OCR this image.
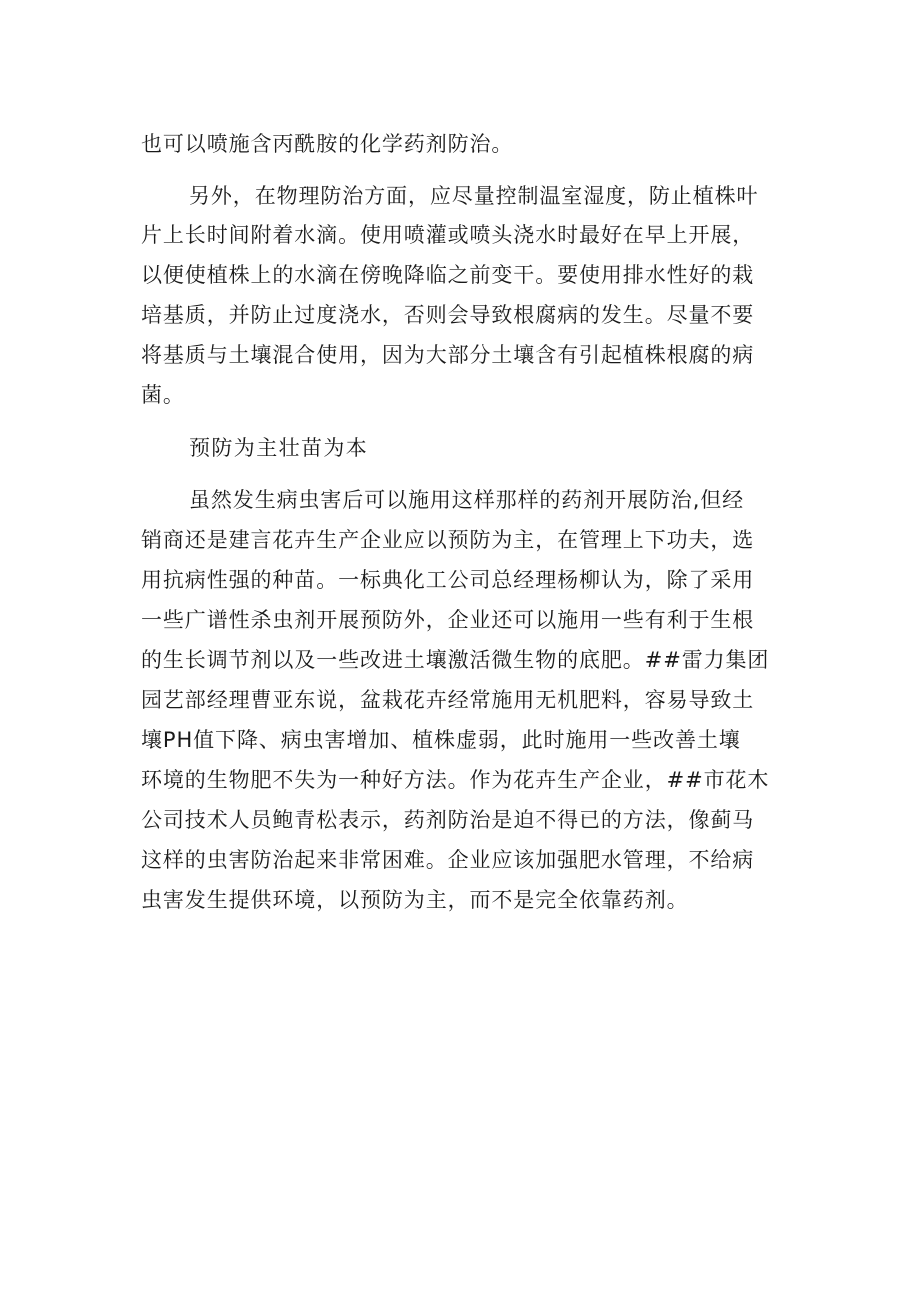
也可以喷施含丙酰胺的化学药剂防治。

另外，在物理防治方面，应尽量控制温室湿度，防止植株叶

片上长时间附着水滴。使用喷灌或喷头浇水时最好在早上开展，

以便使植株上的水滴在傍晚降临之前变干。要使用排水性好的栽

培基质，并防止过度浇水，否则会导致根腐病的发生。尽量不要

将基质与土壤混合使用，因为大部分土壤含有引起植株根腐的病

菌。

预防为主壮苗为本

虽然发生病虫害后可以施用这样那样的药剂开展防治,但经

销商还是建言花卉生产企业应以预防为主，在管理上下功夫，选

用抗病性强的种苗。一标典化工公司总经理杨柳认为，除了采用

一些广谱性杀虫剂开展预防外，企业还可以施用一些有利于生根

的生长调节剂以及一些改进土壤激活微生物的底肥。##雷力集团

园艺部经理曹亚东说，盆栽花卉经常施用无机肥料，容易导致土

壤PH值下降、病虫害增加、植株虚弱，此时施用一些改善土壤

环境的生物肥不失为一种好方法。作为花卉生产企业，##市花木

公司技术人员鲍青松表示，药剂防治是迫不得已的方法，像蓟马

这样的虫害防治起来非常困难。企业应该加强肥水管理，不给病

虫害发生提供环境，以预防为主，而不是完全依靠药剂。
